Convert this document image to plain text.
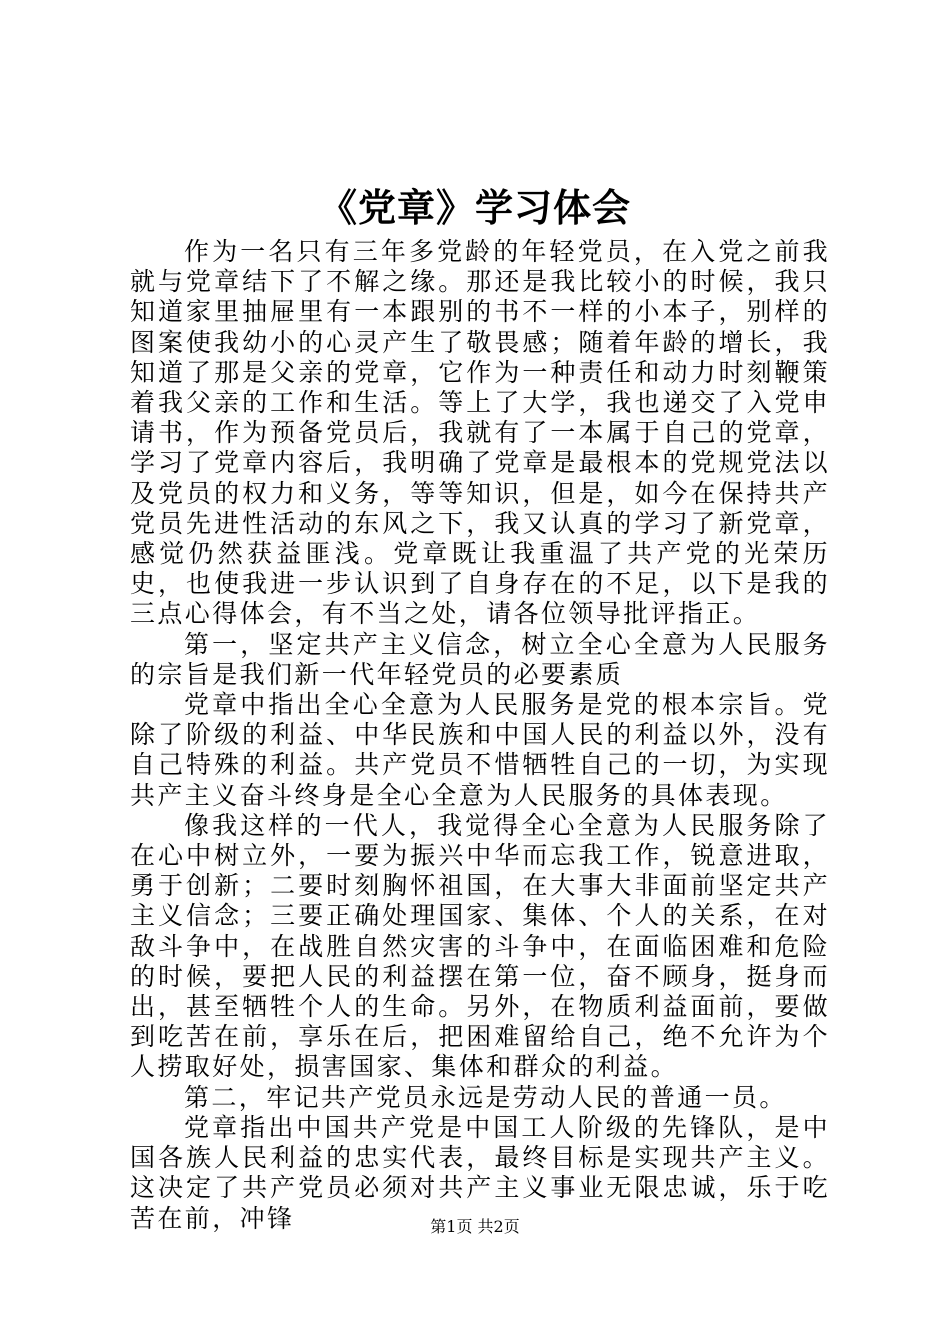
《党章》学习体会

作为一名只有三年多党龄的年轻党员，在入党之前我就与党章结下了不解之缘。那还是我比较小的时候，我只知道家里抽屉里有一本跟别的书不一样的小本子，别样的图案使我幼小的心灵产生了敬畏感；随着年龄的增长，我知道了那是父亲的党章，它作为一种责任和动力时刻鞭策着我父亲的工作和生活。等上了大学，我也递交了入党申请书，作为预备党员后，我就有了一本属于自己的党章，学习了党章内容后，我明确了党章是最根本的党规党法以及党员的权力和义务，等等知识，但是，如今在保持共产党员先进性活动的东风之下，我又认真的学习了新党章，感觉仍然获益匪浅。党章既让我重温了共产党的光荣历史，也使我进一步认识到了自身存在的不足，以下是我的三点心得体会，有不当之处，请各位领导批评指正。

第一，坚定共产主义信念，树立全心全意为人民服务的宗旨是我们新一代年轻党员的必要素质

党章中指出全心全意为人民服务是党的根本宗旨。党除了阶级的利益、中华民族和中国人民的利益以外，没有自己特殊的利益。共产党员不惜牺牲自己的一切，为实现共产主义奋斗终身是全心全意为人民服务的具体表现。

像我这样的一代人，我觉得全心全意为人民服务除了在心中树立外，一要为振兴中华而忘我工作，锐意进取，勇于创新；二要时刻胸怀祖国，在大事大非面前坚定共产主义信念；三要正确处理国家、集体、个人的关系，在对敌斗争中，在战胜自然灾害的斗争中，在面临困难和危险的时候，要把人民的利益摆在第一位，奋不顾身，挺身而出，甚至牺牲个人的生命。另外，在物质利益面前，要做到吃苦在前，享乐在后，把困难留给自己，绝不允许为个人捞取好处，损害国家、集体和群众的利益。

第二，牢记共产党员永远是劳动人民的普通一员。

党章指出中国共产党是中国工人阶级的先锋队，是中国各族人民利益的忠实代表，最终目标是实现共产主义。这决定了共产党员必须对共产主义事业无限忠诚，乐于吃苦在前，冲锋	第1页 共2页
